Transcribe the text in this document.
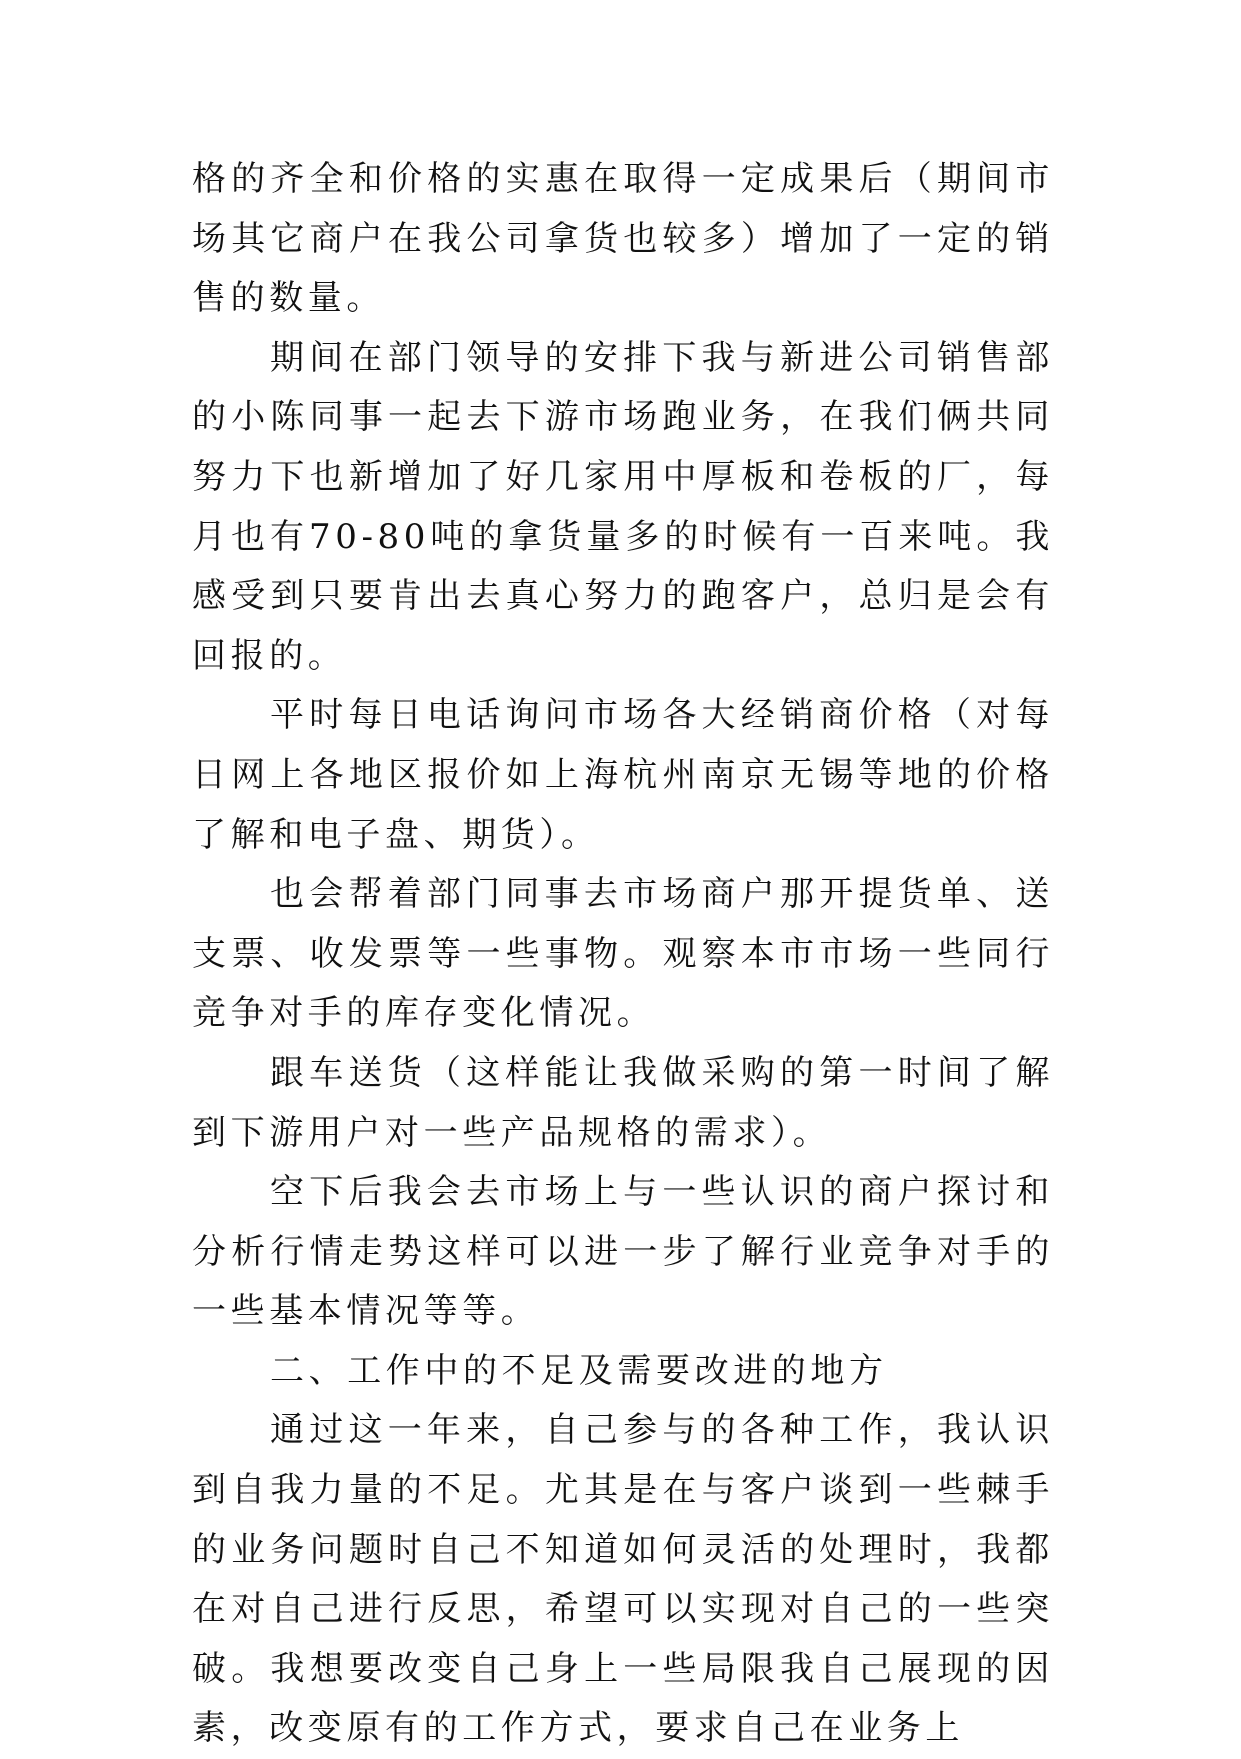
格的齐全和价格的实惠在取得一定成果后（期间市场其它商户在我公司拿货也较多）增加了一定的销售的数量。

期间在部门领导的安排下我与新进公司销售部的小陈同事一起去下游市场跑业务，在我们俩共同努力下也新增加了好几家用中厚板和卷板的厂，每月也有70-80吨的拿货量多的时候有一百来吨。我感受到只要肯出去真心努力的跑客户，总归是会有回报的。

平时每日电话询问市场各大经销商价格（对每日网上各地区报价如上海杭州南京无锡等地的价格了解和电子盘、期货）。

也会帮着部门同事去市场商户那开提货单、送支票、收发票等一些事物。观察本市市场一些同行竞争对手的库存变化情况。

跟车送货（这样能让我做采购的第一时间了解到下游用户对一些产品规格的需求）。

空下后我会去市场上与一些认识的商户探讨和分析行情走势这样可以进一步了解行业竞争对手的一些基本情况等等。

二、工作中的不足及需要改进的地方

通过这一年来，自己参与的各种工作，我认识到自我力量的不足。尤其是在与客户谈到一些棘手的业务问题时自己不知道如何灵活的处理时，我都在对自己进行反思，希望可以实现对自己的一些突破。我想要改变自己身上一些局限我自己展现的因素，改变原有的工作方式，要求自己在业务上
